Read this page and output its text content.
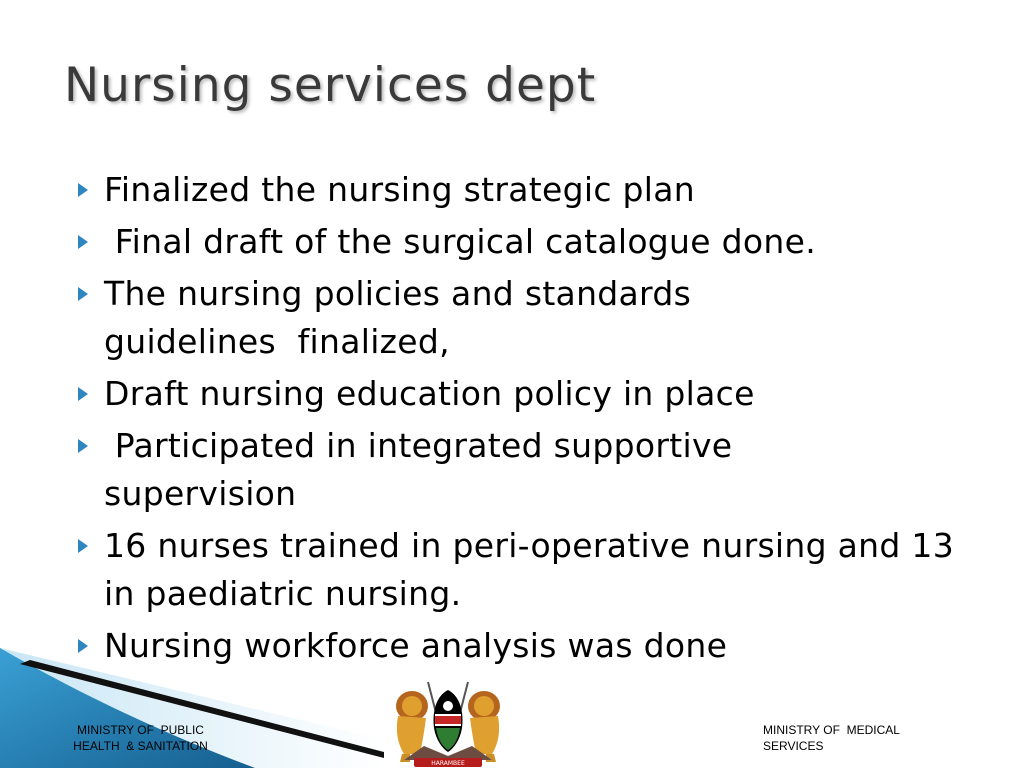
Nursing services dept
Finalized the nursing strategic plan
Final draft of the surgical catalogue done.
The nursing policies and standards guidelines  finalized,
Draft nursing education policy in place
Participated in integrated supportive supervision
16 nurses trained in peri-operative nursing and 13 in paediatric nursing.
Nursing workforce analysis was done
MINISTRY OF  PUBLIC
HEALTH  & SANITATION
HARAMBEE
MINISTRY OF  MEDICAL
SERVICES
